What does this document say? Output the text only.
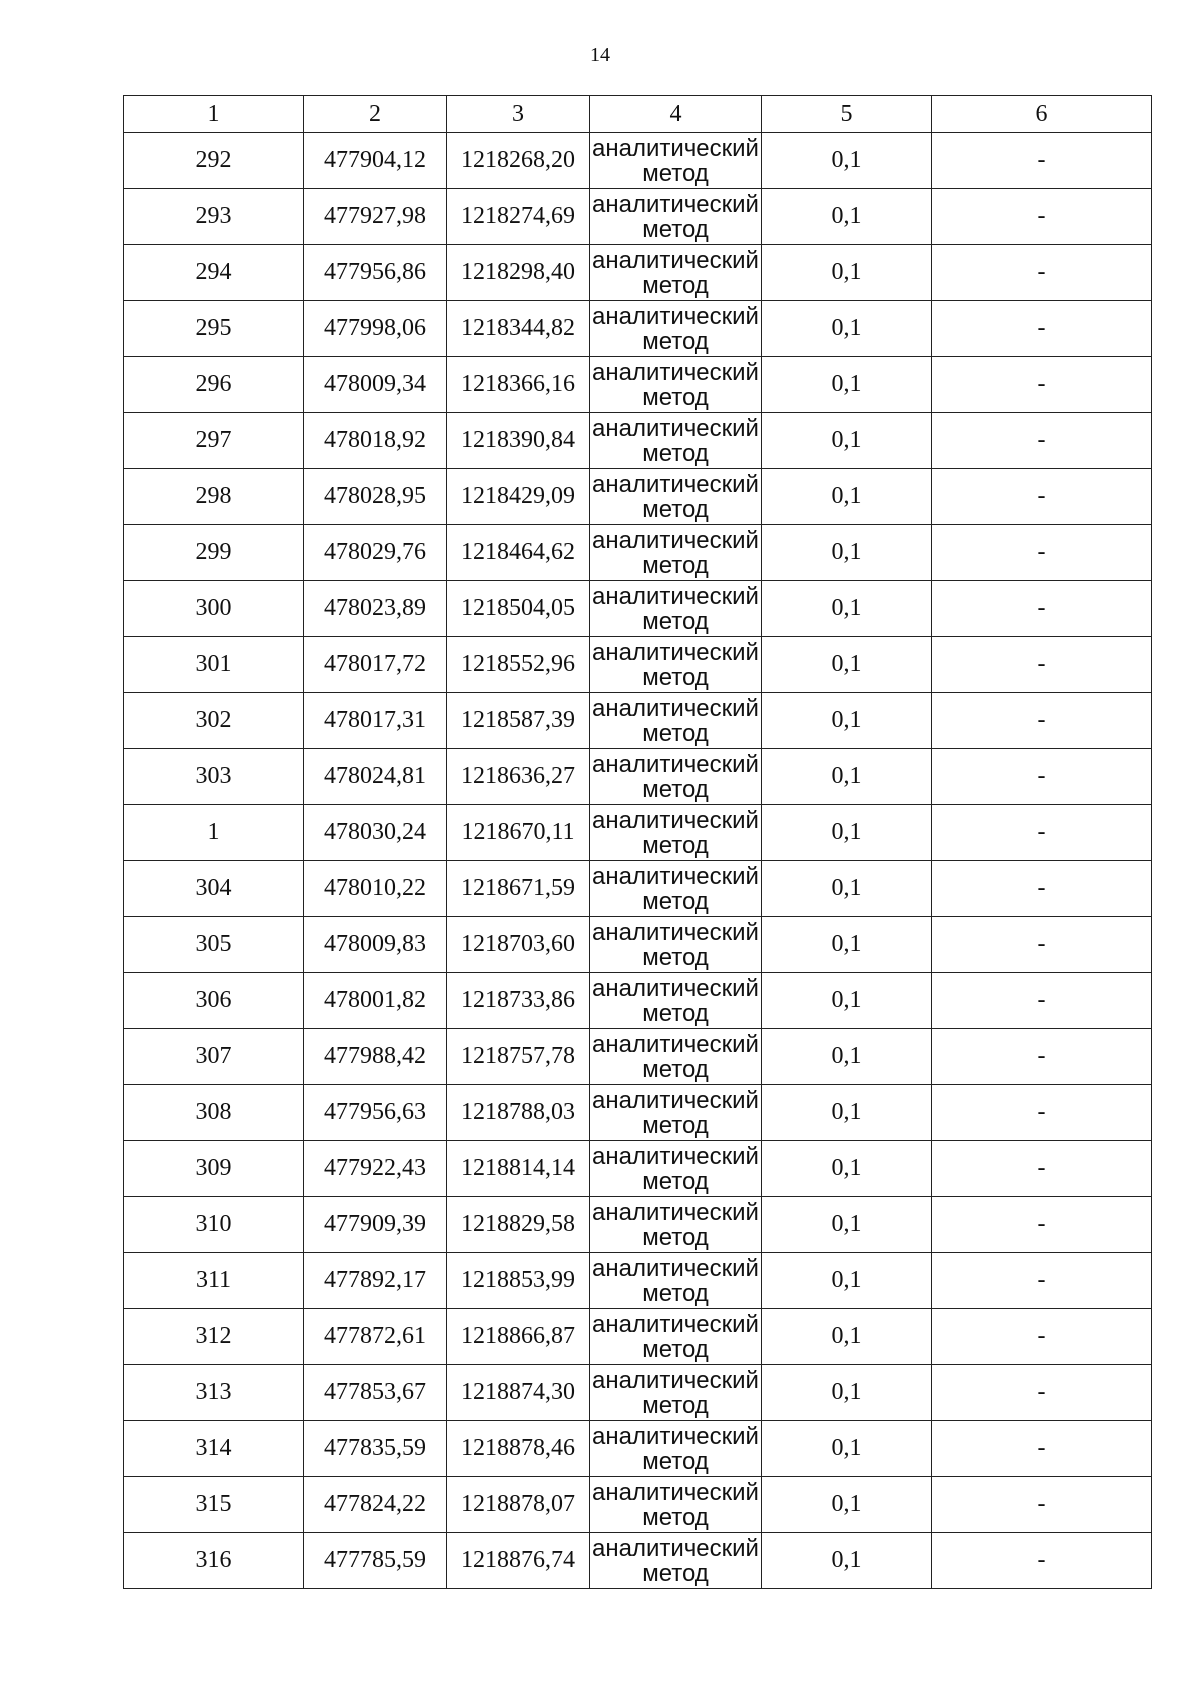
14
1	2	3	4	5	6
292	477904,12	1218268,20	аналитический
метод	0,1	-
293	477927,98	1218274,69	аналитический
метод	0,1	-
294	477956,86	1218298,40	аналитический
метод	0,1	-
295	477998,06	1218344,82	аналитический
метод	0,1	-
296	478009,34	1218366,16	аналитический
метод	0,1	-
297	478018,92	1218390,84	аналитический
метод	0,1	-
298	478028,95	1218429,09	аналитический
метод	0,1	-
299	478029,76	1218464,62	аналитический
метод	0,1	-
300	478023,89	1218504,05	аналитический
метод	0,1	-
301	478017,72	1218552,96	аналитический
метод	0,1	-
302	478017,31	1218587,39	аналитический
метод	0,1	-
303	478024,81	1218636,27	аналитический
метод	0,1	-
1	478030,24	1218670,11	аналитический
метод	0,1	-
304	478010,22	1218671,59	аналитический
метод	0,1	-
305	478009,83	1218703,60	аналитический
метод	0,1	-
306	478001,82	1218733,86	аналитический
метод	0,1	-
307	477988,42	1218757,78	аналитический
метод	0,1	-
308	477956,63	1218788,03	аналитический
метод	0,1	-
309	477922,43	1218814,14	аналитический
метод	0,1	-
310	477909,39	1218829,58	аналитический
метод	0,1	-
311	477892,17	1218853,99	аналитический
метод	0,1	-
312	477872,61	1218866,87	аналитический
метод	0,1	-
313	477853,67	1218874,30	аналитический
метод	0,1	-
314	477835,59	1218878,46	аналитический
метод	0,1	-
315	477824,22	1218878,07	аналитический
метод	0,1	-
316	477785,59	1218876,74	аналитический
метод	0,1	-
